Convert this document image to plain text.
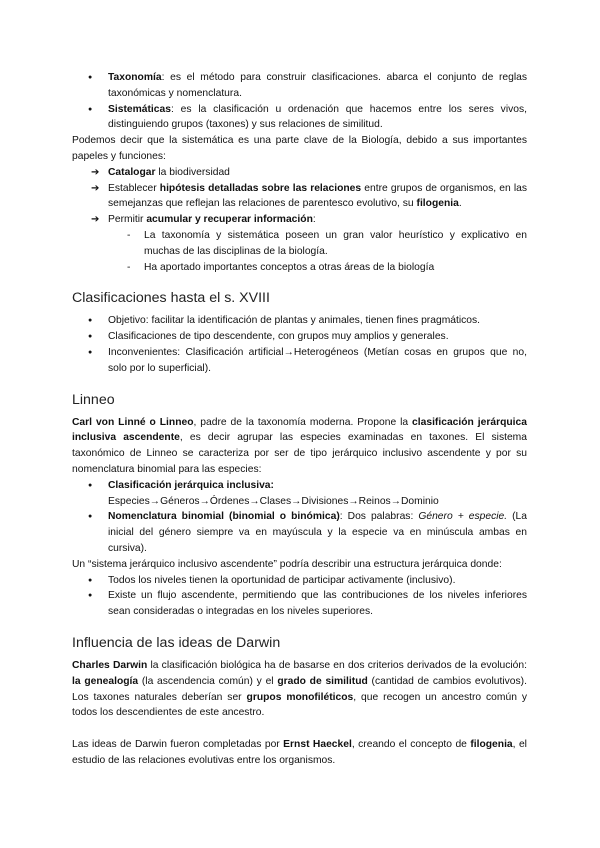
● Taxonomía: es el método para construir clasificaciones. abarca el conjunto de reglas taxonómicas y nomenclatura.
● Sistemáticas: es la clasificación u ordenación que hacemos entre los seres vivos, distinguiendo grupos (taxones) y sus relaciones de similitud.

Podemos decir que la sistemática es una parte clave de la Biología, debido a sus importantes papeles y funciones:

➔ Catalogar la biodiversidad
➔ Establecer hipótesis detalladas sobre las relaciones entre grupos de organismos, en las semejanzas que reflejan las relaciones de parentesco evolutivo, su filogenia.
➔ Permitir acumular y recuperar información:
- La taxonomía y sistemática poseen un gran valor heurístico y explicativo en muchas de las disciplinas de la biología.
- Ha aportado importantes conceptos a otras áreas de la biología
Clasificaciones hasta el s. XVIII
● Objetivo: facilitar la identificación de plantas y animales, tienen fines pragmáticos.
● Clasificaciones de tipo descendente, con grupos muy amplios y generales.
● Inconvenientes: Clasificación artificial→Heterogéneos (Metían cosas en grupos que no, solo por lo superficial).
Linneo

Carl von Linné o Linneo, padre de la taxonomía moderna. Propone la clasificación jerárquica inclusiva ascendente, es decir agrupar las especies examinadas en taxones. El sistema taxonómico de Linneo se caracteriza por ser de tipo jerárquico inclusivo ascendente y por su nomenclatura binomial para las especies:

● Clasificación jerárquica inclusiva:
Especies→Géneros→Órdenes→Clases→Divisiones→Reinos→Dominio
● Nomenclatura binomial (binomial o binómica): Dos palabras: Género + especie. (La inicial del género siempre va en mayúscula y la especie va en minúscula ambas en cursiva).

Un “sistema jerárquico inclusivo ascendente” podría describir una estructura jerárquica donde:

● Todos los niveles tienen la oportunidad de participar activamente (inclusivo).
● Existe un flujo ascendente, permitiendo que las contribuciones de los niveles inferiores sean consideradas o integradas en los niveles superiores.
Influencia de las ideas de Darwin

Charles Darwin la clasificación biológica ha de basarse en dos criterios derivados de la evolución: la genealogía (la ascendencia común) y el grado de similitud (cantidad de cambios evolutivos). Los taxones naturales deberían ser grupos monofiléticos, que recogen un ancestro común y todos los descendientes de este ancestro.

Las ideas de Darwin fueron completadas por Ernst Haeckel, creando el concepto de filogenia, el estudio de las relaciones evolutivas entre los organismos.
